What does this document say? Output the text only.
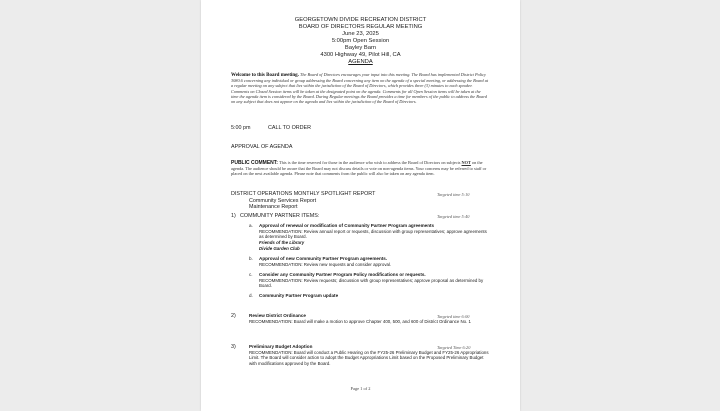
GEORGETOWN DIVIDE RECREATION DISTRICT
BOARD OF DIRECTORS REGULAR MEETING
June 23, 2025
5:00pm Open Session
Bayley Barn
4300 Highway 49, Pilot Hill, CA
AGENDA
Welcome to this Board meeting. The Board of Directors encourages your input into this meeting. The Board has implemented District Policy 3080.6 concerning any individual or group addressing the Board concerning any item on the agenda of a special meeting, or addressing the Board at a regular meeting on any subject that lies within the jurisdiction of the Board of Directors, which provides three (3) minutes to each speaker. Comments on Closed Session items will be taken at the designated point on the agenda. Comments for all Open Session items will be taken at the time the agenda item is considered by the Board. During Regular meetings the Board provides a time for members of the public to address the Board on any subject that does not appear on the agenda and lies within the jurisdiction of the Board of Directors.
5:00 pm	CALL TO ORDER
APPROVAL OF AGENDA
PUBLIC COMMENT: This is the time reserved for those in the audience who wish to address the Board of Directors on subjects NOT on the agenda. The audience should be aware that the Board may not discuss details or vote on non-agenda items. Your concerns may be referred to staff or placed on the next available agenda. Please note that comments from the public will also be taken on any agenda item.
DISTRICT OPERATIONS MONTHLY SPOTLIGHT REPORT	Targeted time 5:10
Community Services Report
Maintenance Report
1) COMMUNITY PARTNER ITEMS:	Targeted time 5:40
a. Approval of renewal or modification of Community Partner Program agreements
RECOMMENDATION: Review annual report or requests, discussion with group representatives; approve agreements as determined by Board.
Friends of the Library
Divide Garden Club
b. Approval of new Community Partner Program agreements.
RECOMMENDATION: Review new requests and consider approval.
c. Consider any Community Partner Program Policy modifications or requests.
RECOMMENDATION: Review requests; discussion with group representatives; approve proposal as determined by Board.
d. Community Partner Program update
2)	Review District Ordinance	Targeted time 6:00
RECOMMENDATION: Board will make a motion to approve Chapter 400, 500, and 600 of District Ordinance No. 1
3)	Preliminary Budget Adoption	Targeted Time 6:20
RECOMMENDATION: Board will conduct a Public Hearing on the FY25-26 Preliminary Budget and FY25-26 Appropriations Limit. The Board will consider action to adopt the Budget Appropriations Limit based on the Proposed Preliminary Budget with modifications approved by the Board.
Page 1 of 2
